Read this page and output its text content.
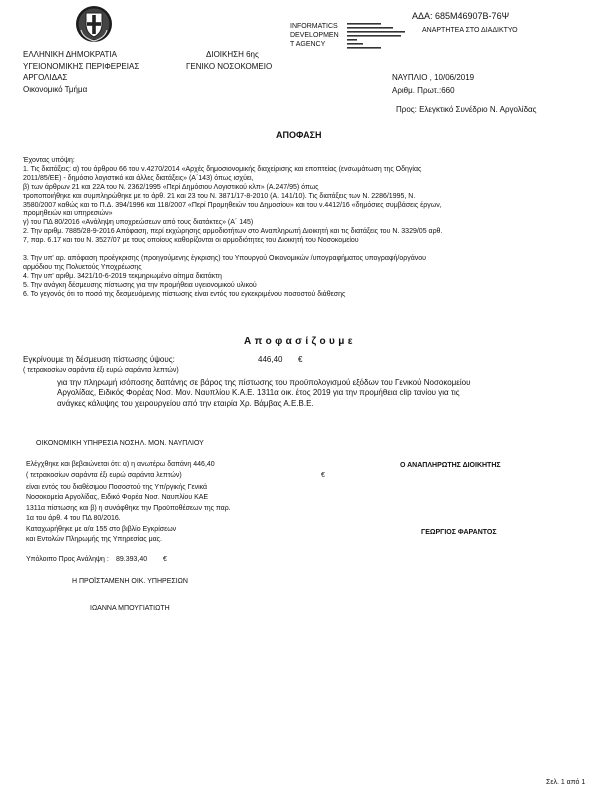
INFORMATICS
DEVELOPMEN
T AGENCY
ΑΔΑ: 685Μ46907Β-76Ψ
ΑΝΑΡΤΗΤΕΑ ΣΤΟ ΔΙΑΔΙΚΤΥΟ
ΕΛΛΗΝΙΚΗ ΔΗΜΟΚΡΑΤΙΑ
ΥΓΕΙΟΝΟΜΙΚΗΣ ΠΕΡΙΦΕΡΕΙΑΣ
ΑΡΓΟΛΙΔΑΣ
Οικονομικό Τμήμα
ΔΙΟΙΚΗΣΗ 6ης
ΓΕΝΙΚΟ ΝΟΣΟΚΟΜΕΙΟ
ΝΑΥΠΛΙΟ , 10/06/2019
Αριθμ. Πρωτ.:660
Προς: Ελεγκτικό Συνέδριο Ν. Αργολίδας
ΑΠΟΦΑΣΗ
Έχοντας υπόψη:
1. Τις διατάξεις: α) του άρθρου 66 του ν.4270/2014 «Αρχές δημοσιονομικής διαχείρισης και εποπτείας (ενσωμάτωση της Οδηγίας
2011/85/ΕΕ) - δημόσιο λογιστικό και άλλες διατάξεις» (Α΄143) όπως ισχύει,
β) των άρθρων 21 και 22Α του Ν. 2362/1995 «Περί Δημόσιου Λογιστικού κλπ» (Α.247/95) όπως
τροποποιήθηκε και συμπληρώθηκε με το άρθ. 21 και 23 του Ν. 3871/17-8-2010 (Α. 141/10). Τις διατάξεις των Ν. 2286/1995, Ν.
3580/2007 καθώς και το Π.Δ. 394/1996 και 118/2007 «Περί Προμηθειών του Δημοσίου» και του ν.4412/16 «δημόσιες συμβάσεις έργων,
προμηθειών και υπηρεσιών»
γ) του ΠΔ 80/2016 «Ανάληψη υποχρεώσεων από τους διατάκτες» (Α΄ 145)
2. Την αριθμ. 7885/28-9-2016 Απόφαση, περί εκχώρησης αρμοδιοτήτων στο Αναπληρωτή Διοικητή και τις διατάξεις του Ν. 3329/05 αρθ.
7, παρ. 6.17 και του Ν. 3527/07 με τους οποίους καθορίζονται οι αρμοδιότητες του Διοικητή του Νοσοκομείου
3. Την υπ' αρ. απόφαση προέγκρισης (προηγούμενης έγκρισης) του Υπουργού Οικονομικών /υπογραφήματος υπογραφή/οργάνου
αρμόδιου της Πολυετούς Υποχρέωσης
4. Την υπ' αριθμ. 3421/10-6-2019 τεκμηριωμένο αίτημα διατάκτη
5. Την ανάγκη δέσμευσης πίστωσης για την προμήθεια υγειονομικού υλικού
6. Το γεγονός ότι το ποσό της δεσμευόμενης πίστωσης είναι εντός του εγκεκριμένου ποσοστού διάθεσης
Α π ο φ α σ ί ζ ο υ μ ε
Εγκρίνουμε τη δέσμευση πίστωσης ύψους:	446,40 €
( τετρακοσίων σαράντα έξι ευρώ σαράντα λεπτών)
για την πληρωμή ισόποσης δαπάνης σε βάρος της πίστωσης του προϋπολογισμού εξόδων του Γενικού Νοσοκομείου
Αργολίδας, Ειδικός Φορέας Νοσ. Μον. Ναυπλίου Κ.Α.Ε. 1311α οικ. έτος 2019 για την προμήθεια clip τανίου για τις
ανάγκες κάλυψης του χειρουργείου από την εταιρία Χρ. Βάμβας Α.Ε.Β.Ε.
ΟΙΚΟΝΟΜΙΚΗ ΥΠΗΡΕΣΙΑ ΝΟΣΗΛ. ΜΟΝ. ΝΑΥΠΛΙΟΥ
Ελέγχθηκε και βεβαιώνεται ότι: α) η ανωτέρω δαπάνη 446,40
( τετρακοσίων σαράντα έξι ευρώ σαράντα λεπτών)	€
είναι εντός του διαθέσιμου Ποσοστού της Υπ/ργικής Γενικά
Νοσοκομεία Αργολίδας, Ειδικό Φορέα Νοσ. Ναυπλίου ΚΑΕ
1311α πίστωσης και β) η συνάφθηκε την Προϋποθέσεων της παρ.
1α του άρθ. 4 του ΠΔ 80/2016.
Καταχωρήθηκε με α/α 155 στο βιβλίο Εγκρίσεων
και Εντολών Πληρωμής της Υπηρεσίας μας.
Υπόλοιπο Προς Ανάληψη : 89.393,40 €
Η ΠΡΟΪΣΤΑΜΕΝΗ ΟΙΚ. ΥΠΗΡΕΣΙΩΝ
ΙΩΑΝΝΑ ΜΠΟΥΓΙΑΤΙΩΤΗ
Ο ΑΝΑΠΛΗΡΩΤΗΣ ΔΙΟΙΚΗΤΗΣ
ΓΕΩΡΓΙΟΣ ΦΑΡΑΝΤΟΣ
Σελ. 1 από 1
